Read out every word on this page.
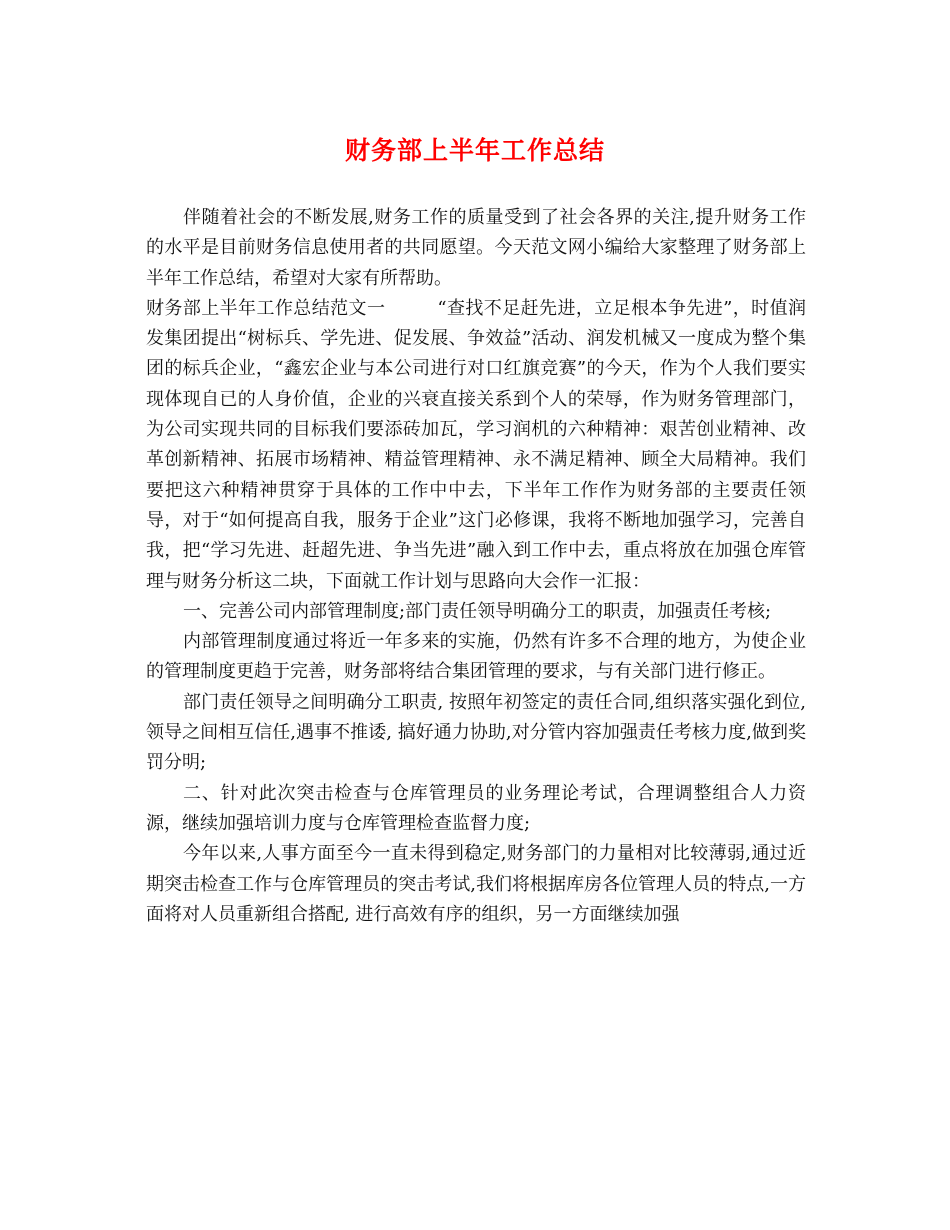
财务部上半年工作总结

伴随着社会的不断发展,财务工作的质量受到了社会各界的关注,提升财务工作的水平是目前财务信息使用者的共同愿望。今天范文网小编给大家整理了财务部上半年工作总结，希望对大家有所帮助。

财务部上半年工作总结范文一	“查找不足赶先进，立足根本争先进”，时值润发集团提出“树标兵、学先进、促发展、争效益”活动、润发机械又一度成为整个集团的标兵企业，“鑫宏企业与本公司进行对口红旗竞赛”的今天，作为个人我们要实现体现自已的人身价值，企业的兴衰直接关系到个人的荣辱，作为财务管理部门，为公司实现共同的目标我们要添砖加瓦，学习润机的六种精神：艰苦创业精神、改革创新精神、拓展市场精神、精益管理精神、永不满足精神、顾全大局精神。我们要把这六种精神贯穿于具体的工作中中去，下半年工作作为财务部的主要责任领导，对于“如何提高自我，服务于企业”这门必修课，我将不断地加强学习，完善自我，把“学习先进、赶超先进、争当先进”融入到工作中去，重点将放在加强仓库管理与财务分析这二块，下面就工作计划与思路向大会作一汇报：

一、完善公司内部管理制度;部门责任领导明确分工的职责，加强责任考核;

内部管理制度通过将近一年多来的实施，仍然有许多不合理的地方，为使企业的管理制度更趋于完善，财务部将结合集团管理的要求，与有关部门进行修正。

部门责任领导之间明确分工职责, 按照年初签定的责任合同,组织落实强化到位,领导之间相互信任,遇事不推诿, 搞好通力协助,对分管内容加强责任考核力度,做到奖罚分明;

二、针对此次突击检查与仓库管理员的业务理论考试，合理调整组合人力资源，继续加强培训力度与仓库管理检查监督力度;

今年以来,人事方面至今一直未得到稳定,财务部门的力量相对比较薄弱,通过近期突击检查工作与仓库管理员的突击考试,我们将根据库房各位管理人员的特点,一方面将对人员重新组合搭配, 进行高效有序的组织，另一方面继续加强
